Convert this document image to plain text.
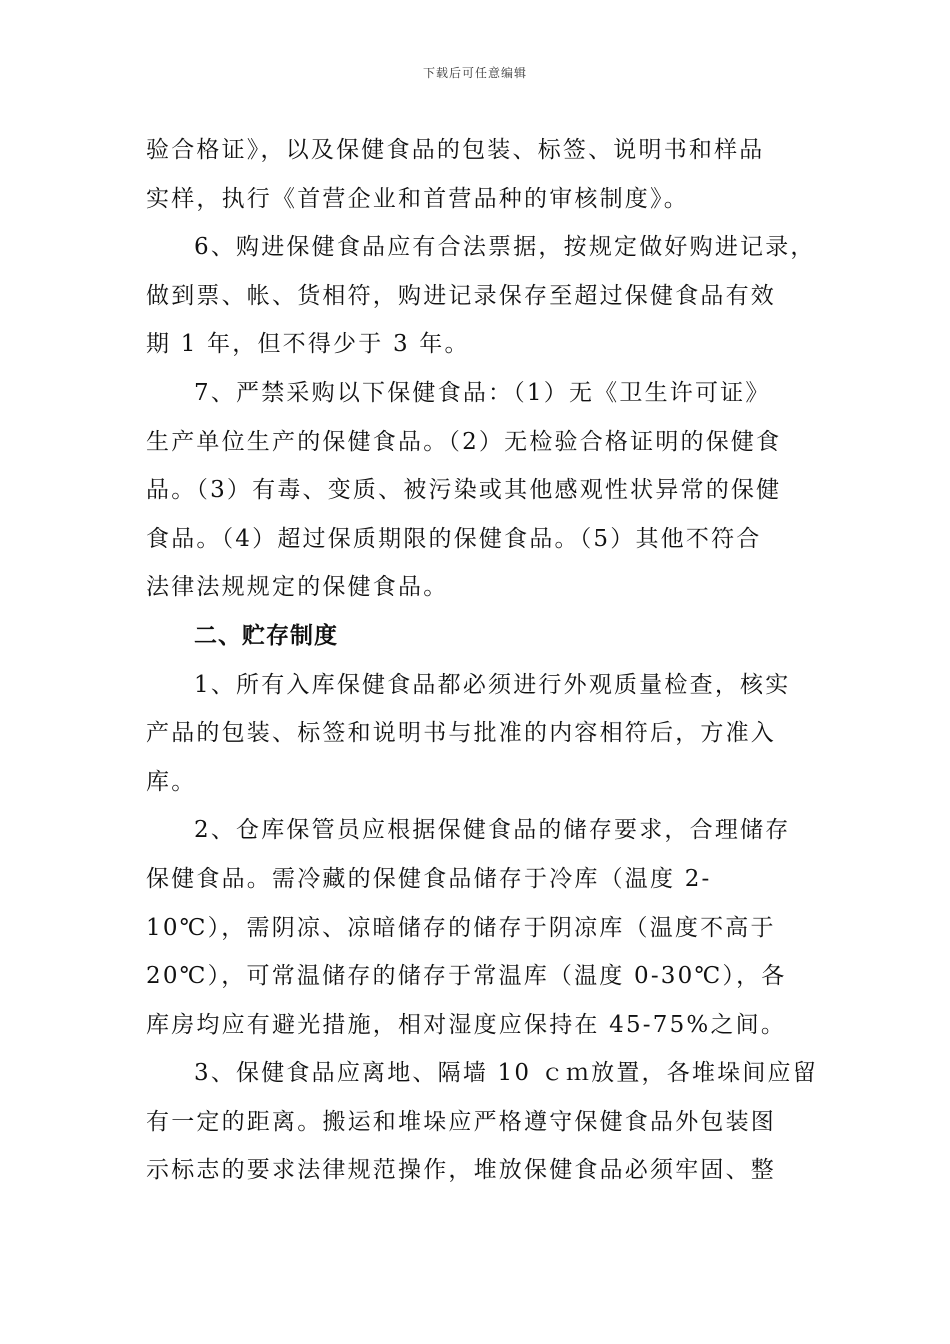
下载后可任意编辑
验合格证》，以及保健食品的包装、标签、说明书和样品
实样，执行《首营企业和首营品种的审核制度》。
6、购进保健食品应有合法票据，按规定做好购进记录，
做到票、帐、货相符，购进记录保存至超过保健食品有效
期 1 年，但不得少于 3 年。
7、严禁采购以下保健食品：（1）无《卫生许可证》
生产单位生产的保健食品。（2）无检验合格证明的保健食
品。（3）有毒、变质、被污染或其他感观性状异常的保健
食品。（4）超过保质期限的保健食品。（5）其他不符合
法律法规规定的保健食品。
二、贮存制度
1、所有入库保健食品都必须进行外观质量检查，核实
产品的包装、标签和说明书与批准的内容相符后，方准入
库。
2、仓库保管员应根据保健食品的储存要求，合理储存
保健食品。需冷藏的保健食品储存于冷库（温度 2-
10℃），需阴凉、凉暗储存的储存于阴凉库（温度不高于
20℃），可常温储存的储存于常温库（温度 0-30℃），各
库房均应有避光措施，相对湿度应保持在 45-75%之间。
3、保健食品应离地、隔墙 10 ｃｍ放置，各堆垛间应留
有一定的距离。搬运和堆垛应严格遵守保健食品外包装图
示标志的要求法律规范操作，堆放保健食品必须牢固、整
